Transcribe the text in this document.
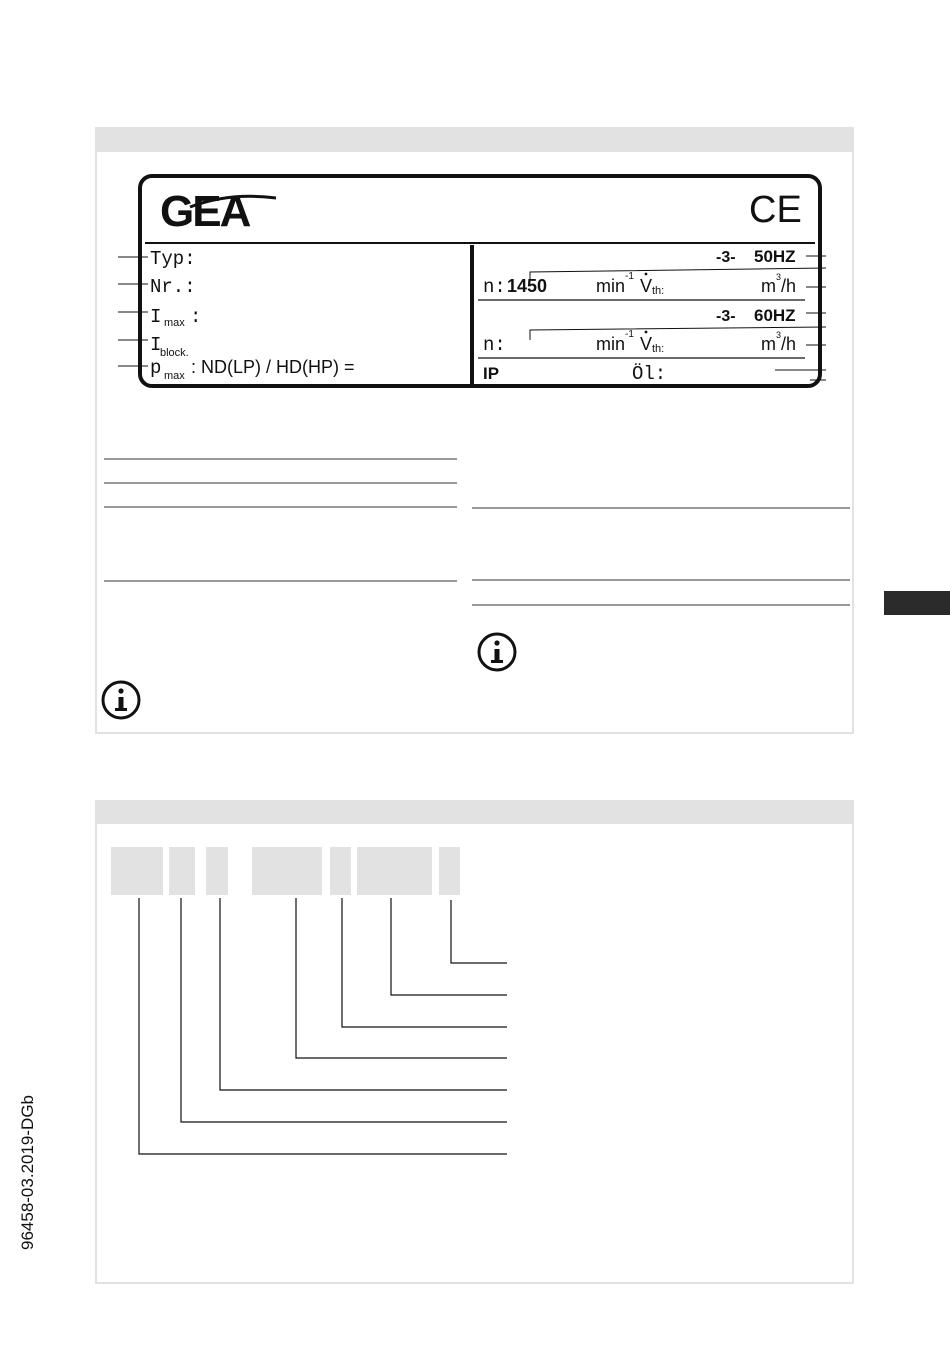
96458-03.2019-DGb
GEA	CE
Typ:
Nr.:
I max :
I
block.
p max : ND(LP) / HD(HP) =
-3- 50HZ
n: 1450	min -1 V th:	m 3 /h
-3- 60HZ
n:	min -1 V th:	m 3 /h
IP	Öl:
